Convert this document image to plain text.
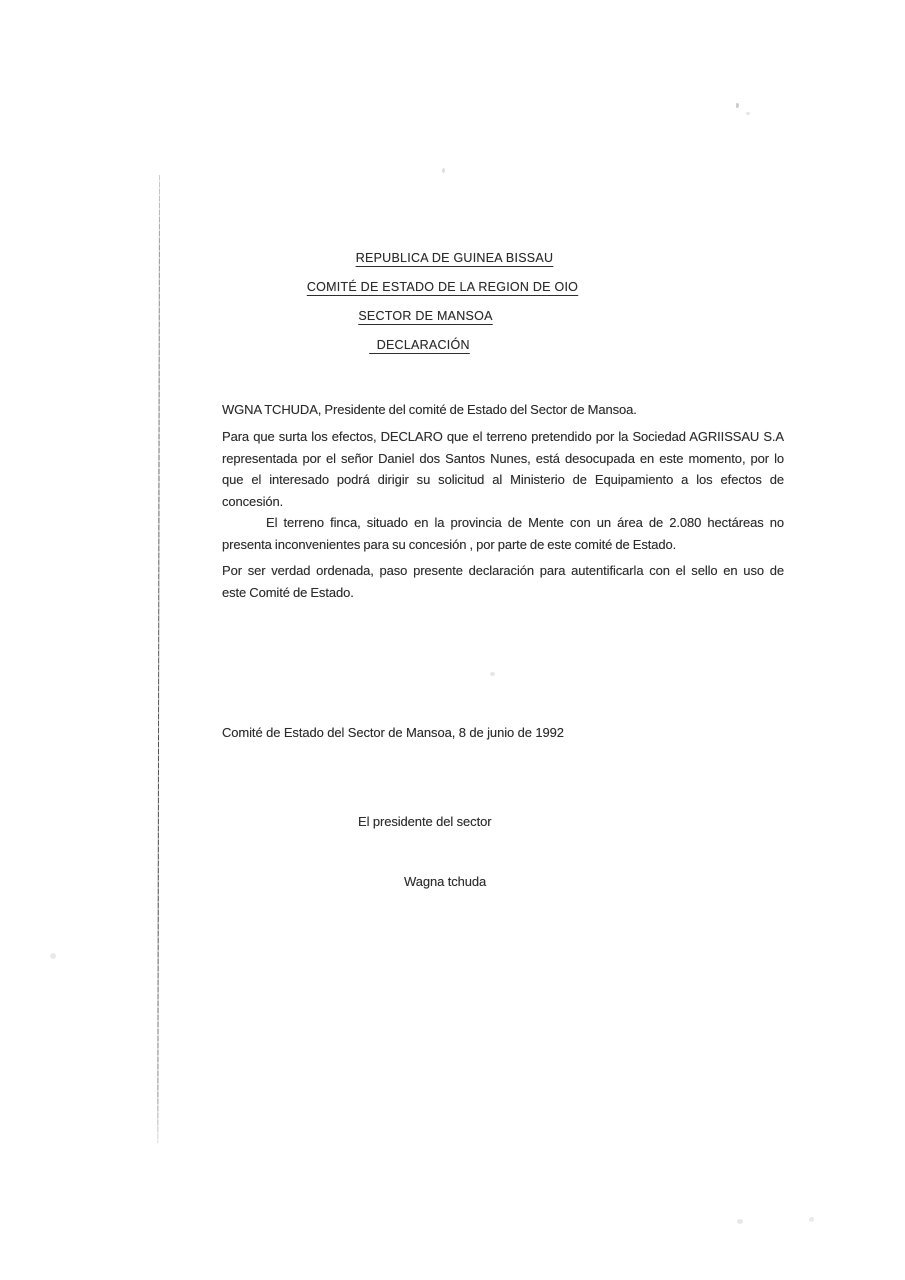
REPUBLICA DE GUINEA BISSAU
COMITÉ DE ESTADO DE LA REGION DE OIO
SECTOR DE MANSOA
DECLARACIÓN
WGNA TCHUDA, Presidente del comité de Estado del Sector de Mansoa.
Para que surta los efectos, DECLARO que el terreno pretendido por la Sociedad AGRIISSAU S.A
representada por el señor Daniel dos Santos Nunes, está desocupada en este momento, por lo
que el interesado podrá dirigir su solicitud al Ministerio de Equipamiento a los efectos de
concesión.
El terreno finca, situado en la provincia de Mente con un área de 2.080 hectáreas no
presenta inconvenientes para su concesión , por parte de este comité de Estado.
Por ser verdad ordenada, paso presente declaración para autentificarla con el sello en uso de
este Comité de Estado.
Comité de Estado del Sector de Mansoa, 8 de junio de 1992
El presidente del sector
Wagna tchuda
